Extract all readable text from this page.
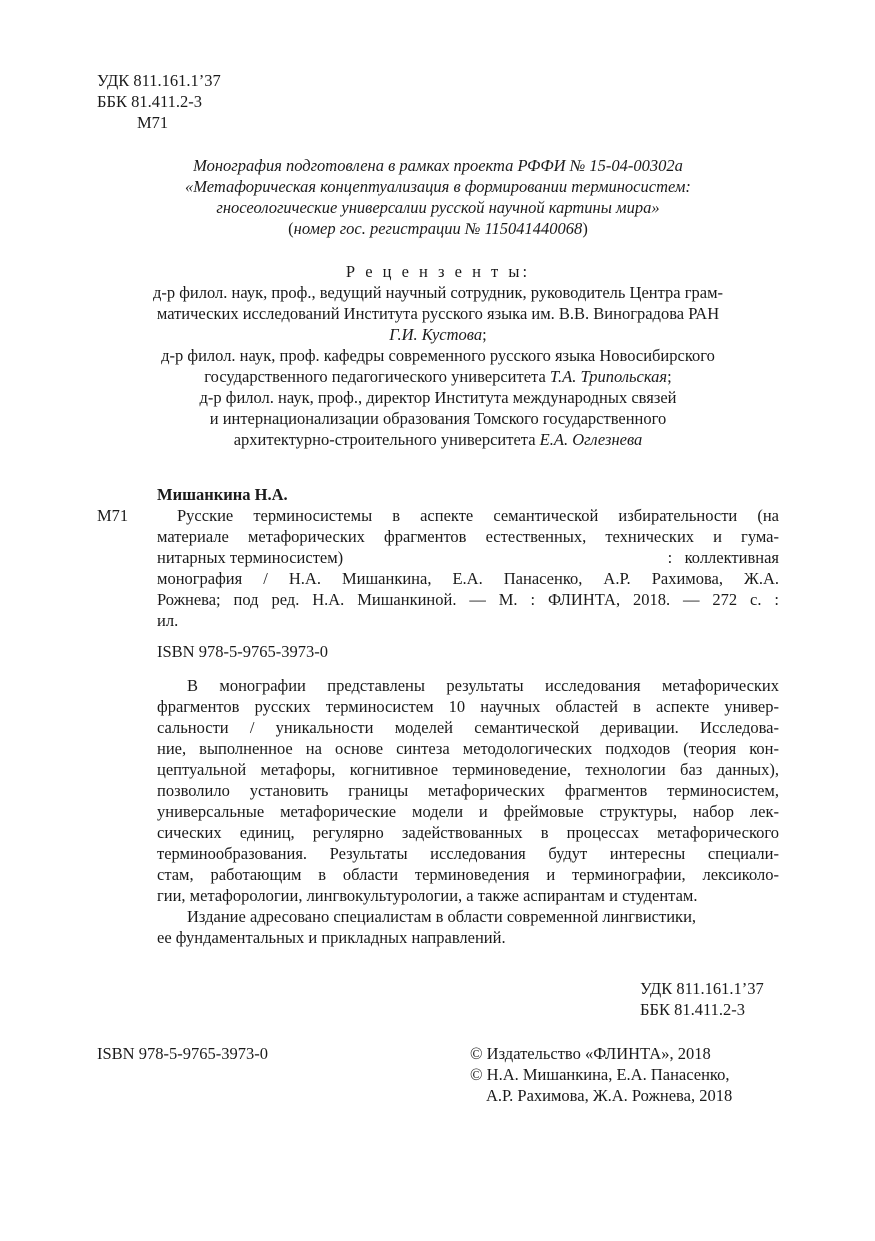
УДК 811.161.1’37
ББК 81.411.2-3
М71
Монография подготовлена в рамках проекта РФФИ № 15-04-00302а
«Метафорическая концептуализация в формировании терминосистем:
гносеологические универсалии русской научной картины мира»
(номер гос. регистрации № 115041440068)
Р е ц е н з е н т ы:
д-р филол. наук, проф., ведущий научный сотрудник, руководитель Центра грам-
матических исследований Института русского языка им. В.В. Виноградова РАН
Г.И. Кустова;
д-р филол. наук, проф. кафедры современного русского языка Новосибирского
государственного педагогического университета Т.А. Трипольская;
д-р филол. наук, проф., директор Института международных связей
и интернационализации образования Томского государственного
архитектурно-строительного университета Е.А. Оглезнева
Мишанкина Н.А.
М71	Русские терминосистемы в аспекте семантической избирательности (на
материале метафорических фрагментов естественных, технических и гума-
нитарных терминосистем)	:   коллективная
монография / Н.А. Мишанкина, Е.А. Панасенко, А.Р. Рахимова, Ж.А.
Рожнева; под ред. Н.А. Мишанкиной. — М. : ФЛИНТА, 2018. — 272 с. :
ил.
ISBN 978-5-9765-3973-0
В монографии представлены результаты исследования метафорических
фрагментов русских терминосистем 10 научных областей в аспекте универ-
сальности / уникальности моделей семантической деривации. Исследова-
ние, выполненное на основе синтеза методологических подходов (теория кон-
цептуальной метафоры, когнитивное терминоведение, технологии баз данных),
позволило установить границы метафорических фрагментов терминосистем,
универсальные метафорические модели и фреймовые структуры, набор лек-
сических единиц, регулярно задействованных в процессах метафорического
терминообразования. Результаты исследования будут интересны специали-
стам, работающим в области терминоведения и терминографии, лексиколо-
гии, метафорологии, лингвокультурологии, а также аспирантам и студентам.
Издание адресовано специалистам в области современной лингвистики,
ее фундаментальных и прикладных направлений.
УДК 811.161.1’37
ББК 81.411.2-3
ISBN 978-5-9765-3973-0	© Издательство «ФЛИНТА», 2018
© Н.А. Мишанкина, Е.А. Панасенко,
А.Р. Рахимова, Ж.А. Рожнева, 2018
